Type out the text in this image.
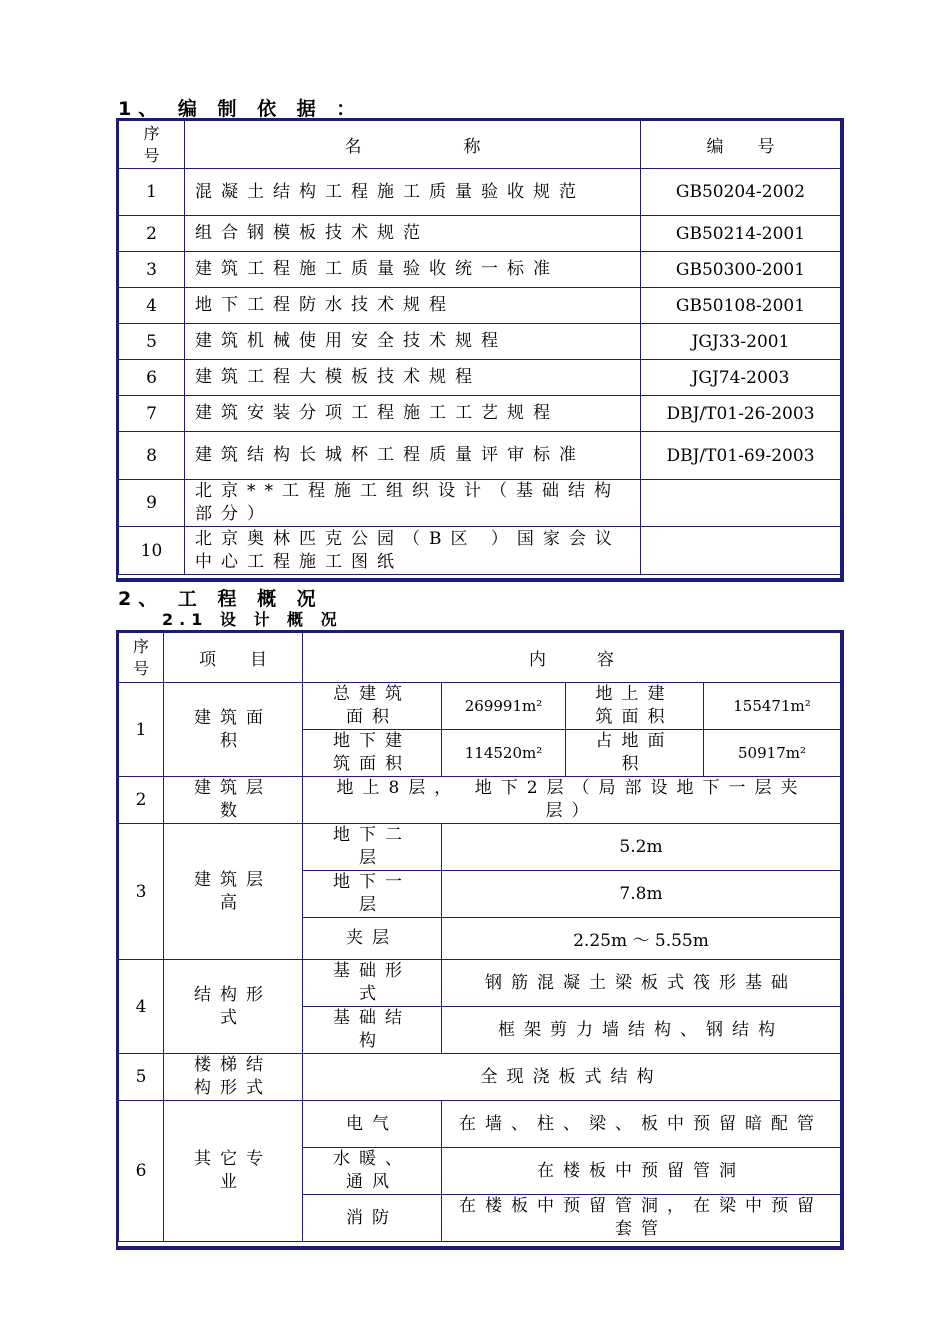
1、 编 制 依 据 ：
序号	名　　　　　　称	编　　号
1	混凝土结构工程施工质量验收规范	GB50204-2002
2	组合钢模板技术规范	GB50214-2001
3	建筑工程施工质量验收统一标准	GB50300-2001
4	地下工程防水技术规程	GB50108-2001
5	建筑机械使用安全技术规程	JGJ33-2001
6	建筑工程大模板技术规程	JGJ74-2003
7	建筑安装分项工程施工工艺规程	DBJ/T01-26-2003
8	建筑结构长城杯工程质量评审标准	DBJ/T01-69-2003
9	北京**工程施工组织设计（基础结构部分）	
10	北京奥林匹克公园（B区 ）国家会议中心工程施工图纸	
2、 工 程 概 况
2.1 设 计 概 况
序号	项　　目	内　　　容			
1	建筑面积	总建筑面积	269991m²	地上建筑面积	155471m²
		地下建筑面积	114520m²	占地面积	50917m²
2	建筑层数	地上8层， 地下2层（局部设地下一层夹层）			
3	建筑层高	地下二层	5.2m		
		地下一层	7.8m		
		夹层	2.25m ～ 5.55m		
4	结构形式	基础形式	钢筋混凝土梁板式筏形基础		
		基础结构	框架剪力墙结构、钢结构		
5	楼梯结构形式	全现浇板式结构			
6	其它专业	电气	在墙、柱、梁、板中预留暗配管		
		水暖、通风	在楼板中预留管洞		
		消防	在楼板中预留管洞，在梁中预留套管		
